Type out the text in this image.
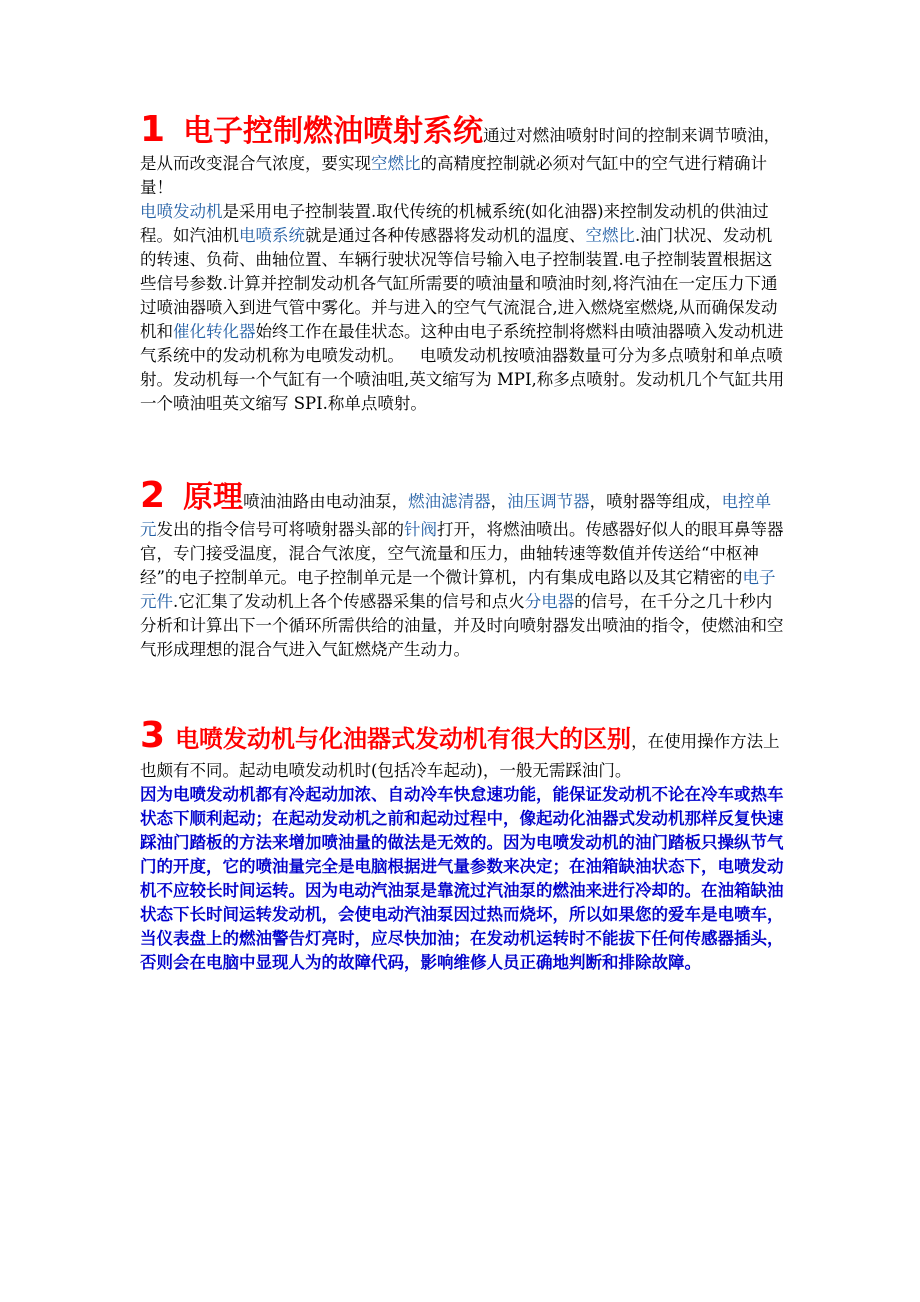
1 电子控制燃油喷射系统通过对燃油喷射时间的控制来调节喷油，是从而改变混合气浓度，要实现空燃比的高精度控制就必须对气缸中的空气进行精确计量！

电喷发动机是采用电子控制装置.取代传统的机械系统(如化油器)来控制发动机的供油过程。如汽油机电喷系统就是通过各种传感器将发动机的温度、空燃比.油门状况、发动机的转速、负荷、曲轴位置、车辆行驶状况等信号输入电子控制装置.电子控制装置根据这些信号参数.计算并控制发动机各气缸所需要的喷油量和喷油时刻,将汽油在一定压力下通过喷油器喷入到进气管中雾化。并与进入的空气气流混合,进入燃烧室燃烧,从而确保发动机和催化转化器始终工作在最佳状态。这种由电子系统控制将燃料由喷油器喷入发动机进气系统中的发动机称为电喷发动机。 电喷发动机按喷油器数量可分为多点喷射和单点喷射。发动机每一个气缸有一个喷油咀,英文缩写为 MPI,称多点喷射。发动机几个气缸共用一个喷油咀英文缩写 SPI.称单点喷射。

2 原理喷油油路由电动油泵，燃油滤清器，油压调节器，喷射器等组成，电控单元发出的指令信号可将喷射器头部的针阀打开，将燃油喷出。传感器好似人的眼耳鼻等器官，专门接受温度，混合气浓度，空气流量和压力，曲轴转速等数值并传送给“中枢神经”的电子控制单元。电子控制单元是一个微计算机，内有集成电路以及其它精密的电子元件.它汇集了发动机上各个传感器采集的信号和点火分电器的信号，在千分之几十秒内分析和计算出下一个循环所需供给的油量，并及时向喷射器发出喷油的指令，使燃油和空气形成理想的混合气进入气缸燃烧产生动力。

3 电喷发动机与化油器式发动机有很大的区别，在使用操作方法上也颇有不同。起动电喷发动机时(包括冷车起动)，一般无需踩油门。

因为电喷发动机都有冷起动加浓、自动冷车快怠速功能，能保证发动机不论在冷车或热车状态下顺利起动；在起动发动机之前和起动过程中，像起动化油器式发动机那样反复快速踩油门踏板的方法来增加喷油量的做法是无效的。因为电喷发动机的油门踏板只操纵节气门的开度，它的喷油量完全是电脑根据进气量参数来决定；在油箱缺油状态下，电喷发动机不应较长时间运转。因为电动汽油泵是靠流过汽油泵的燃油来进行冷却的。在油箱缺油状态下长时间运转发动机，会使电动汽油泵因过热而烧坏，所以如果您的爱车是电喷车，当仪表盘上的燃油警告灯亮时，应尽快加油；在发动机运转时不能拔下任何传感器插头，否则会在电脑中显现人为的故障代码，影响维修人员正确地判断和排除故障。
